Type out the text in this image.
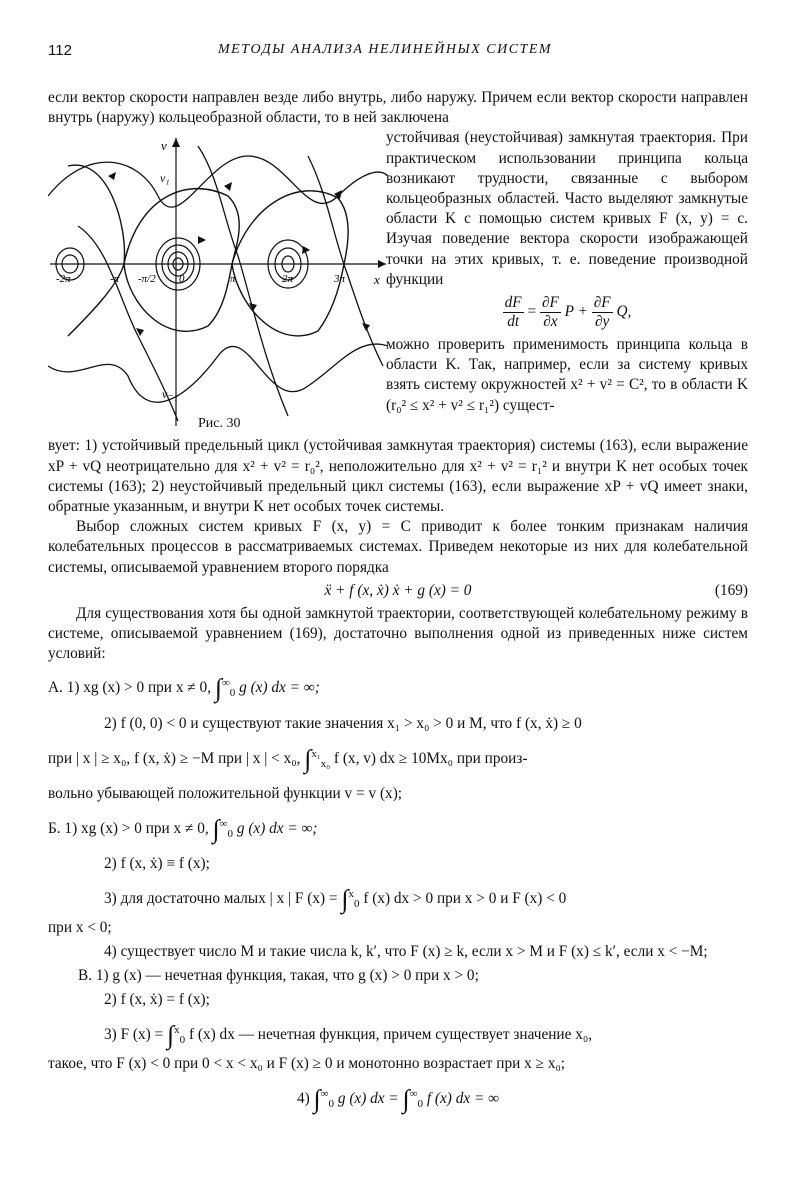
112	МЕТОДЫ АНАЛИЗА НЕЛИНЕЙНЫХ СИСТЕМ

если вектор скорости направлен везде либо внутрь, либо наружу. Причем если вектор скорости направлен внутрь (наружу) кольцеобразной области, то в ней заключена

v
v₁
v₋₁
x
-2π	-π -π/2 0	π	2π	3π
Рис. 30

устойчивая (неустойчивая) замкнутая траектория. При практическом использовании принципа кольца возникают трудности, связанные с выбором кольцеобразных областей. Часто выделяют замкнутые области K с помощью систем кривых F (x, y) = c. Изучая поведение вектора скорости изображающей точки на этих кривых, т. е. поведение производной функции

$\frac{dF}{dt} = \frac{\partial F}{\partial x}$ $P + \frac{\partial F}{\partial y} Q$,

можно проверить применимость принципа кольца в области K. Так, например, если за систему кривых взять систему окружностей x² + v² = C², то в области K (r₀² ≤ x² + v² ≤ r₁²) сущест-

вует: 1) устойчивый предельный цикл (устойчивая замкнутая траектория) системы (163), если выражение xP + vQ неотрицательно для x² + v² = r₀², неположительно для x² + v² = r₁² и внутри K нет особых точек системы (163); 2) неустойчивый предельный цикл системы (163), если выражение xP + vQ имеет знаки, обратные указанным, и внутри K нет особых точек системы.

Выбор сложных систем кривых F (x, y) = C приводит к более тонким признакам наличия колебательных процессов в рассматриваемых системах. Приведем некоторые из них для колебательной системы, описываемой уравнением второго порядка

ẍ + f (x, ẋ) ẋ + g (x) = 0	(169)

Для существования хотя бы одной замкнутой траектории, соответствующей колебательному режиму в системе, описываемой уравнением (169), достаточно выполнения одной из приведенных ниже систем условий:

А. 1) xg (x) > 0 при x ≠ 0, $\int^\infty_0$ g (x) dx = ∞;
2) f (0, 0) < 0 и существуют такие значения x₁ > x₀ > 0 и M, что f (x, ẋ) ≥ 0
при | x | ≥ x₀, f (x, ẋ) ≥ −M при | x | < x₀, ∫$^{x_1}_{x_0}$ f (x, v) dx ≥ 10Mx₀ при произ-
вольно убывающей положительной функции v = v (x);
Б. 1) xg (x) > 0 при x ≠ 0, $\int^\infty_0$ g (x) dx = ∞;
2) f (x, ẋ) ≡ f (x);
3) для достаточно малых | x | F (x) = ∫$^x_0$ f (x) dx > 0 при x > 0 и F (x) < 0
при x < 0;
4) существует число M и такие числа k, k′, что F (x) ≥ k, если x > M и F (x) ≤ k′, если x < −M;
В. 1) g (x) — нечетная функция, такая, что g (x) > 0 при x > 0;
2) f (x, ẋ) = f (x);
3) F (x) = ∫$^x_0$ f (x) dx — нечетная функция, причем существует значение x₀,
такое, что F (x) < 0 при 0 < x < x₀ и F (x) ≥ 0 и монотонно возрастает при x ≥ x₀;
4) $\int^\infty_0$ g (x) dx = $\int^\infty_0$ f (x) dx = ∞
